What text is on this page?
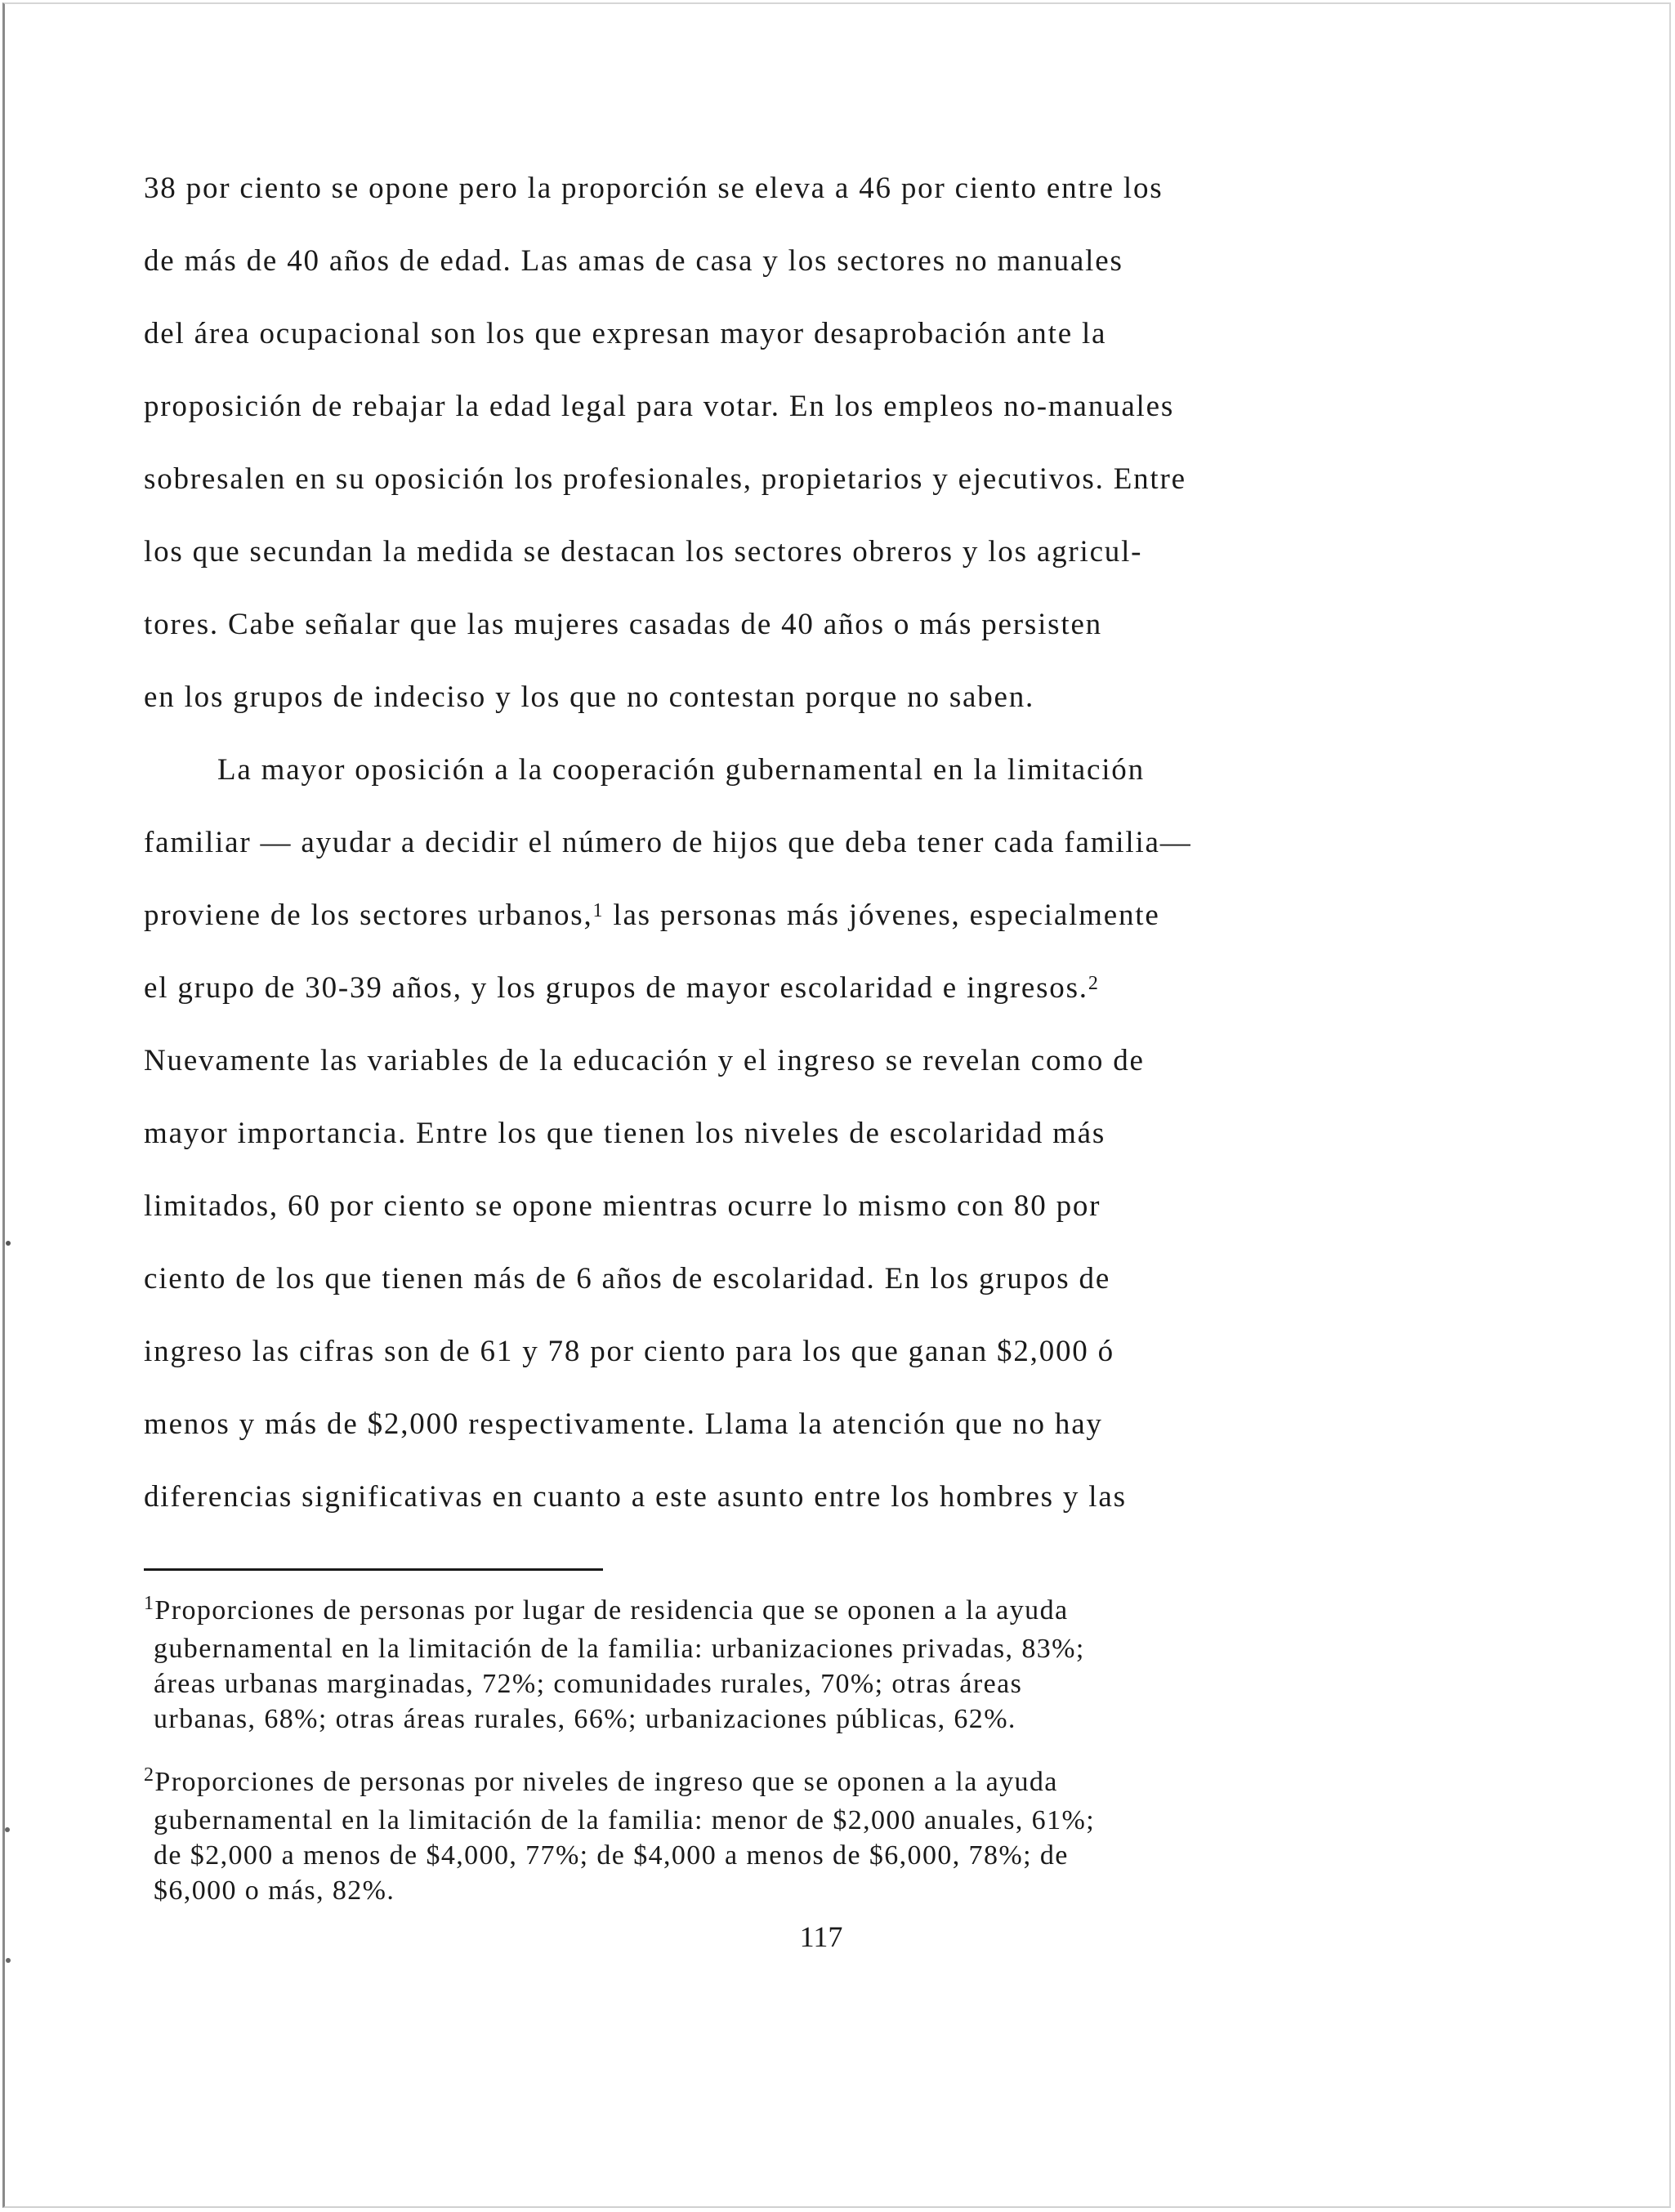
38 por ciento se opone pero la proporción se eleva a 46 por ciento entre los
de más de 40 años de edad. Las amas de casa y los sectores no manuales
del área ocupacional son los que expresan mayor desaprobación ante la
proposición de rebajar la edad legal para votar. En los empleos no-manuales
sobresalen en su oposición los profesionales, propietarios y ejecutivos. Entre
los que secundan la medida se destacan los sectores obreros y los agricul-
tores. Cabe señalar que las mujeres casadas de 40 años o más persisten
en los grupos de indeciso y los que no contestan porque no saben.
La mayor oposición a la cooperación gubernamental en la limitación
familiar — ayudar a decidir el número de hijos que deba tener cada familia—
proviene de los sectores urbanos,$^1$ las personas más jóvenes, especialmente
el grupo de 30-39 años, y los grupos de mayor escolaridad e ingresos.$^2$
Nuevamente las variables de la educación y el ingreso se revelan como de
mayor importancia. Entre los que tienen los niveles de escolaridad más
limitados, 60 por ciento se opone mientras ocurre lo mismo con 80 por
ciento de los que tienen más de 6 años de escolaridad. En los grupos de
ingreso las cifras son de 61 y 78 por ciento para los que ganan $2,000 ó
menos y más de $2,000 respectivamente. Llama la atención que no hay
diferencias significativas en cuanto a este asunto entre los hombres y las
$^1$Proporciones de personas por lugar de residencia que se oponen a la ayuda
gubernamental en la limitación de la familia: urbanizaciones privadas, 83%;
áreas urbanas marginadas, 72%; comunidades rurales, 70%; otras áreas
urbanas, 68%; otras áreas rurales, 66%; urbanizaciones públicas, 62%.
$^2$Proporciones de personas por niveles de ingreso que se oponen a la ayuda
gubernamental en la limitación de la familia: menor de $2,000 anuales, 61%;
de $2,000 a menos de $4,000, 77%; de $4,000 a menos de $6,000, 78%; de
$6,000 o más, 82%.
117
